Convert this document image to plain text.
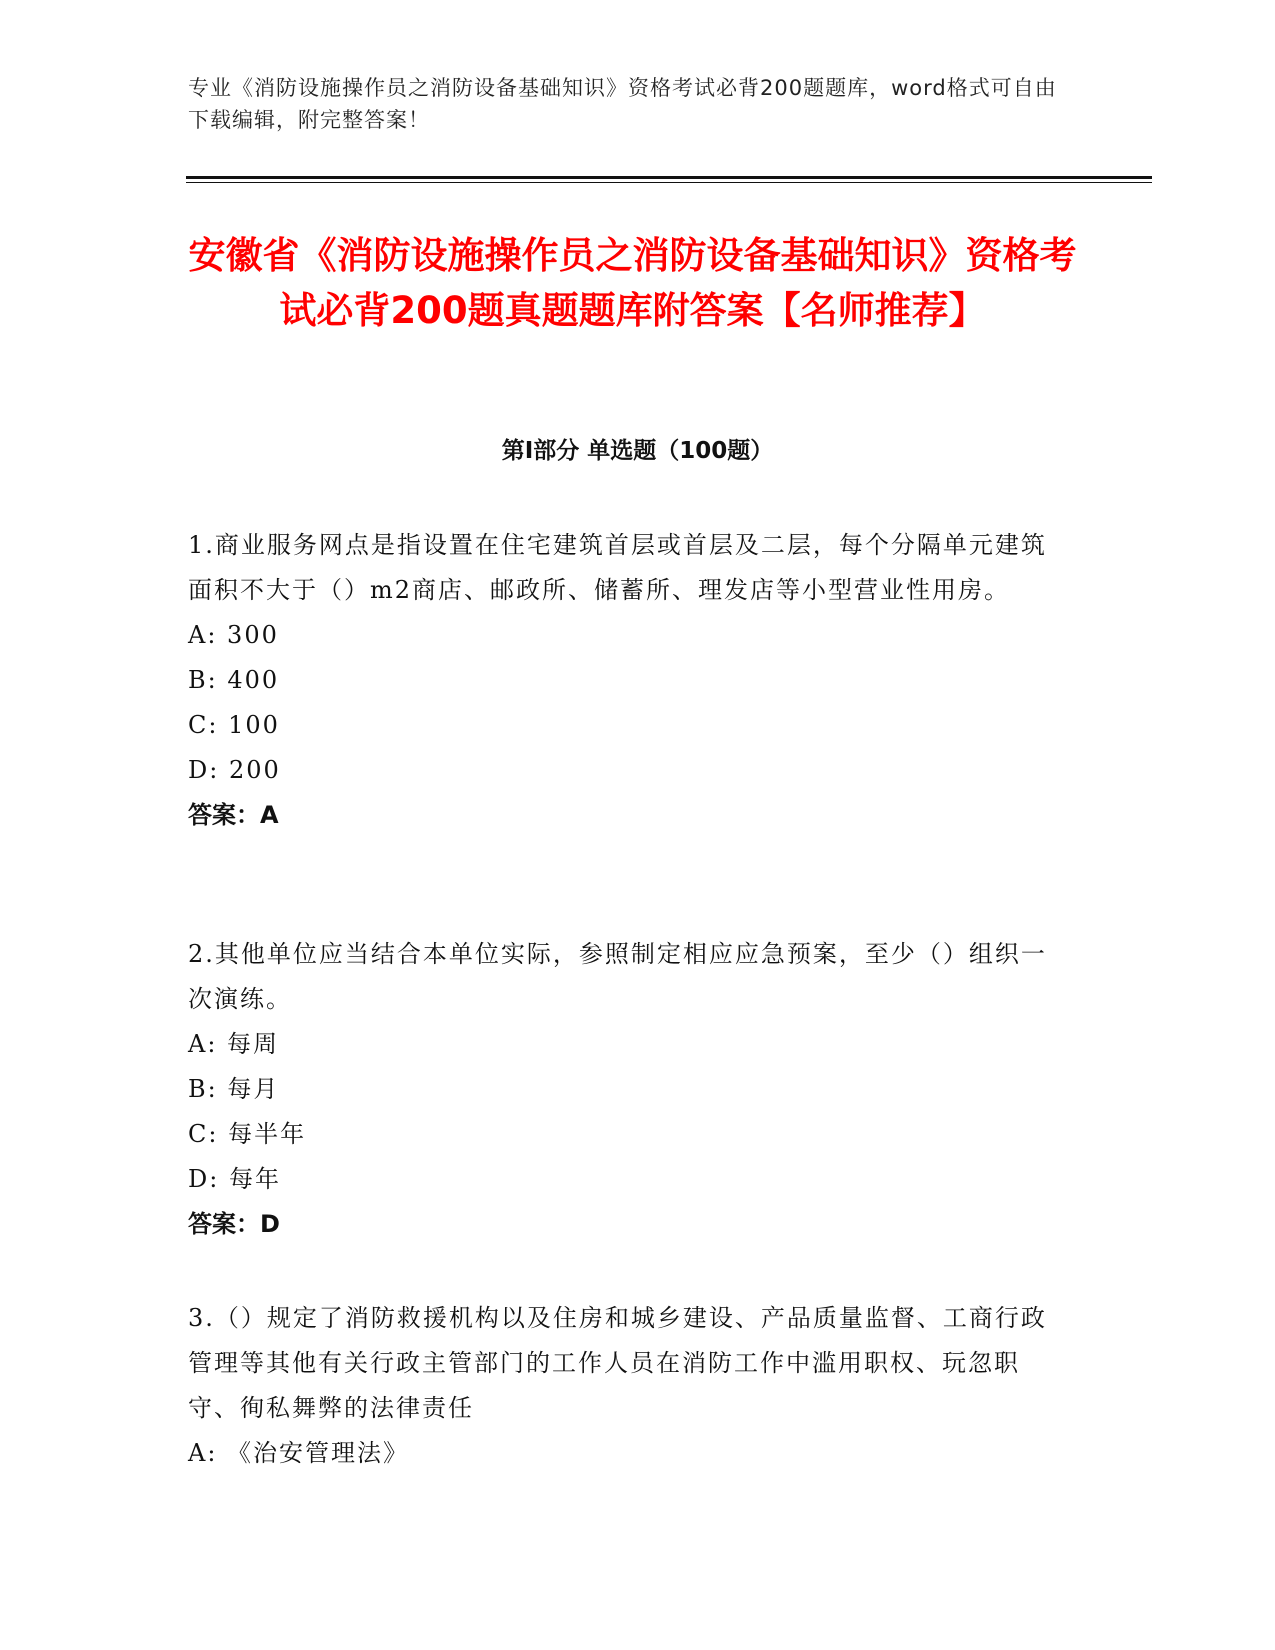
专业《消防设施操作员之消防设备基础知识》资格考试必背200题题库，word格式可自由下载编辑，附完整答案！
安徽省《消防设施操作员之消防设备基础知识》资格考试必背200题真题题库附答案【名师推荐】
第Ⅰ部分 单选题（100题）

1.商业服务网点是指设置在住宅建筑首层或首层及二层，每个分隔单元建筑面积不大于（）m2商店、邮政所、储蓄所、理发店等小型营业性用房。

A: 300

B: 400

C: 100

D: 200

答案：A

2.其他单位应当结合本单位实际，参照制定相应应急预案，至少（）组织一次演练。

A: 每周

B: 每月

C: 每半年

D: 每年

答案：D

3.（）规定了消防救援机构以及住房和城乡建设、产品质量监督、工商行政管理等其他有关行政主管部门的工作人员在消防工作中滥用职权、玩忽职守、徇私舞弊的法律责任

A: 《治安管理法》
